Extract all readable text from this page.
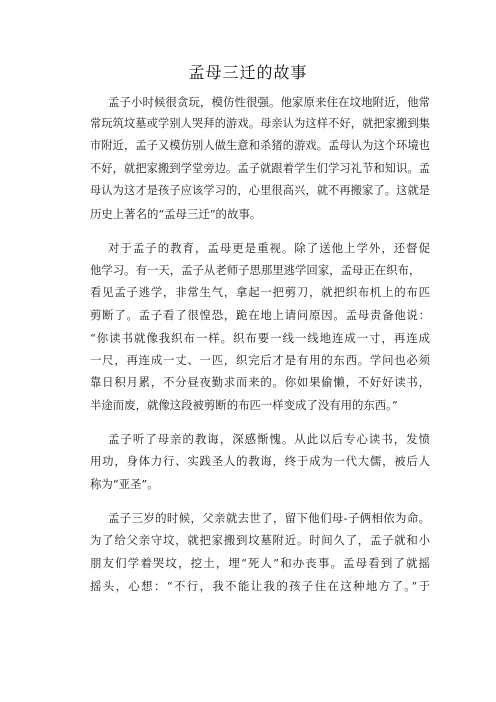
孟母三迁的故事
孟子小时候很贪玩，模仿性很强。他家原来住在坟地附近，他常
常玩筑坟墓或学别人哭拜的游戏。母亲认为这样不好，就把家搬到集
市附近，孟子又模仿别人做生意和杀猪的游戏。孟母认为这个环境也
不好，就把家搬到学堂旁边。孟子就跟着学生们学习礼节和知识。孟
母认为这才是孩子应该学习的，心里很高兴，就不再搬家了。这就是
历史上著名的“孟母三迁”的故事。
对于孟子的教育，孟母更是重视。除了送他上学外，还督促
他学习。有一天，孟子从老师子思那里逃学回家，孟母正在织布，
看见孟子逃学，非常生气，拿起一把剪刀，就把织布机上的布匹
剪断了。孟子看了很惶恐，跪在地上请问原因。孟母责备他说：
“你读书就像我织布一样。织布要一线一线地连成一寸，再连成
一尺，再连成一丈、一匹，织完后才是有用的东西。学问也必须
靠日积月累，不分昼夜勤求而来的。你如果偷懒，不好好读书，
半途而废，就像这段被剪断的布匹一样变成了没有用的东西。”
孟子听了母亲的教诲，深感惭愧。从此以后专心读书，发愤
用功，身体力行、实践圣人的教诲，终于成为一代大儒，被后人
称为“亚圣”。
孟子三岁的时候，父亲就去世了，留下他们母-子俩相依为命。
为了给父亲守坟，就把家搬到坟墓附近。时间久了，孟子就和小
朋友们学着哭坟，挖土，埋“死人”和办丧事。孟母看到了就摇
摇头，心想：“不行，我不能让我的孩子住在这种地方了。”于
